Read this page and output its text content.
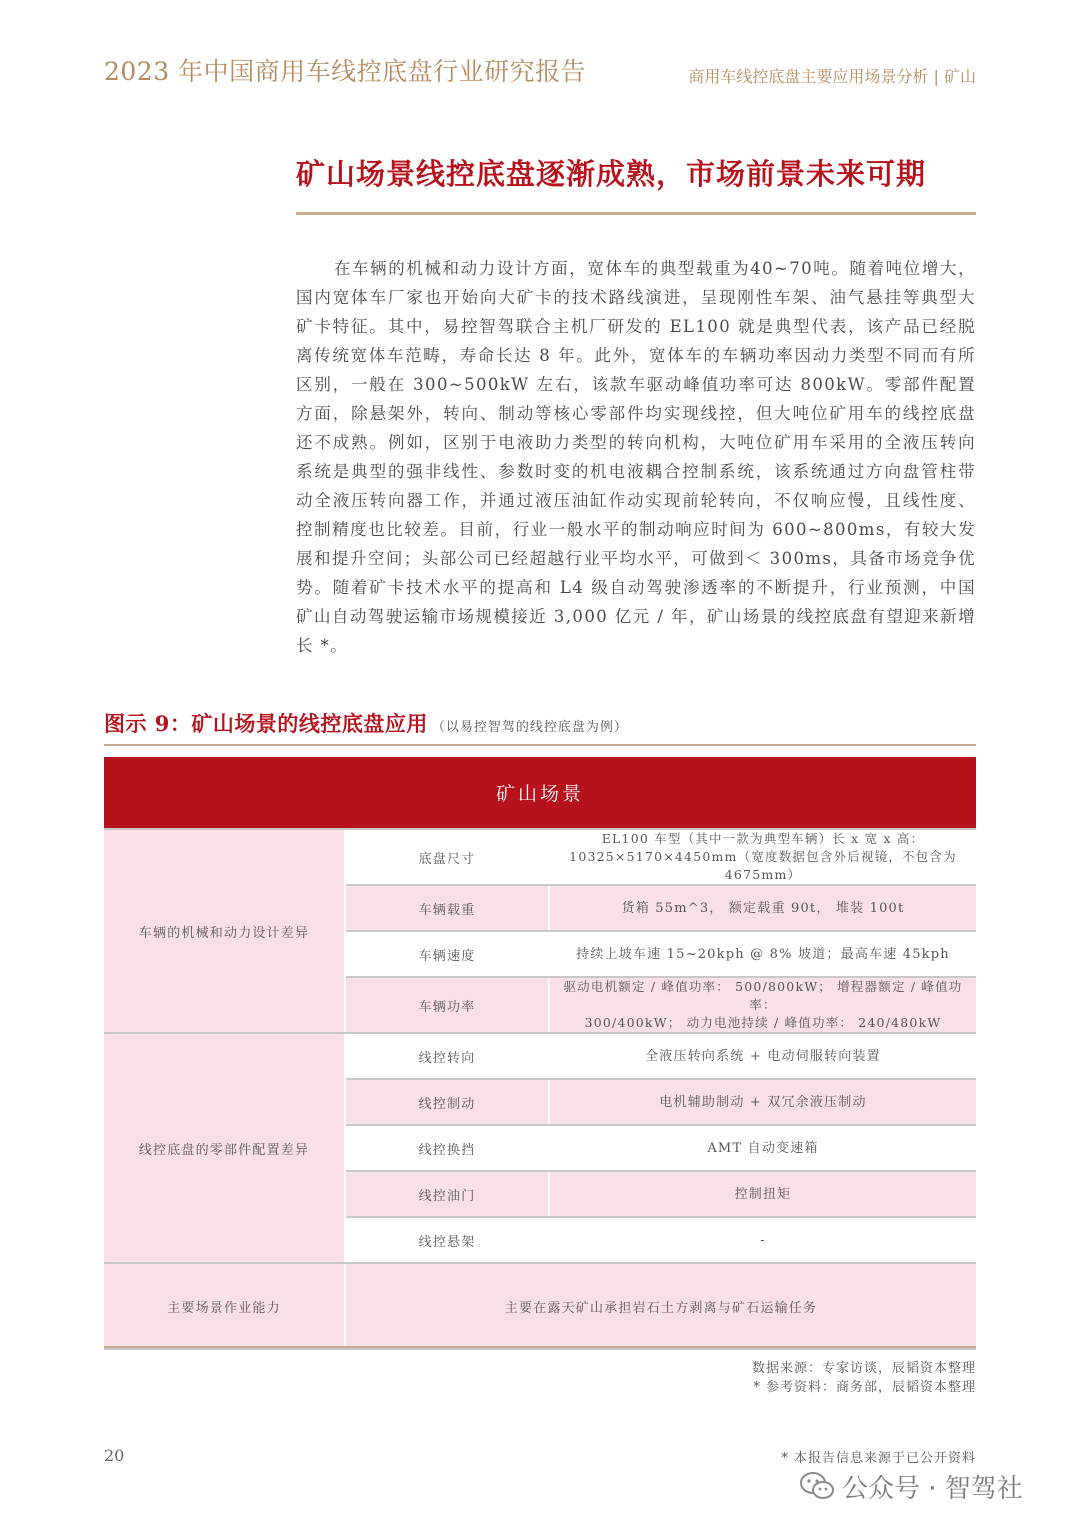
2023 年中国商用车线控底盘行业研究报告	商用车线控底盘主要应用场景分析 | 矿山
矿山场景线控底盘逐渐成熟，市场前景未来可期
在车辆的机械和动力设计方面，宽体车的典型载重为40~70吨。随着吨位增大，国内宽体车厂家也开始向大矿卡的技术路线演进，呈现刚性车架、油气悬挂等典型大矿卡特征。其中，易控智驾联合主机厂研发的 EL100 就是典型代表，该产品已经脱离传统宽体车范畴，寿命长达 8 年。此外，宽体车的车辆功率因动力类型不同而有所区别，一般在 300~500kW 左右，该款车驱动峰值功率可达 800kW。零部件配置方面，除悬架外，转向、制动等核心零部件均实现线控，但大吨位矿用车的线控底盘还不成熟。例如，区别于电液助力类型的转向机构，大吨位矿用车采用的全液压转向系统是典型的强非线性、参数时变的机电液耦合控制系统，该系统通过方向盘管柱带动全液压转向器工作，并通过液压油缸作动实现前轮转向，不仅响应慢，且线性度、控制精度也比较差。目前，行业一般水平的制动响应时间为 600~800ms，有较大发展和提升空间；头部公司已经超越行业平均水平，可做到＜ 300ms，具备市场竞争优势。随着矿卡技术水平的提高和 L4 级自动驾驶渗透率的不断提升，行业预测，中国矿山自动驾驶运输市场规模接近 3,000 亿元 / 年，矿山场景的线控底盘有望迎来新增长 *。
图示 9：矿山场景的线控底盘应用 （以易控智驾的线控底盘为例）
矿山场景		
车辆的机械和动力设计差异	底盘尺寸	EL100 车型（其中一款为典型车辆）长 x 宽 x 高：
10325×5170×4450mm（宽度数据包含外后视镜，不包含为 4675mm）
	车辆载重	货箱 55m^3， 额定载重 90t， 堆装 100t
	车辆速度	持续上坡车速 15~20kph @ 8% 坡道；最高车速 45kph
	车辆功率	驱动电机额定 / 峰值功率： 500/800kW； 增程器额定 / 峰值功率：
300/400kW； 动力电池持续 / 峰值功率： 240/480kW
线控底盘的零部件配置差异	线控转向	全液压转向系统 + 电动伺服转向装置
	线控制动	电机辅助制动 + 双冗余液压制动
	线控换挡	AMT 自动变速箱
	线控油门	控制扭矩
	线控悬架	-
主要场景作业能力	主要在露天矿山承担岩石土方剥离与矿石运输任务	
数据来源：专家访谈，辰韬资本整理
* 参考资料：商务部，辰韬资本整理
20	* 本报告信息来源于已公开资料
公众号 · 智驾社
